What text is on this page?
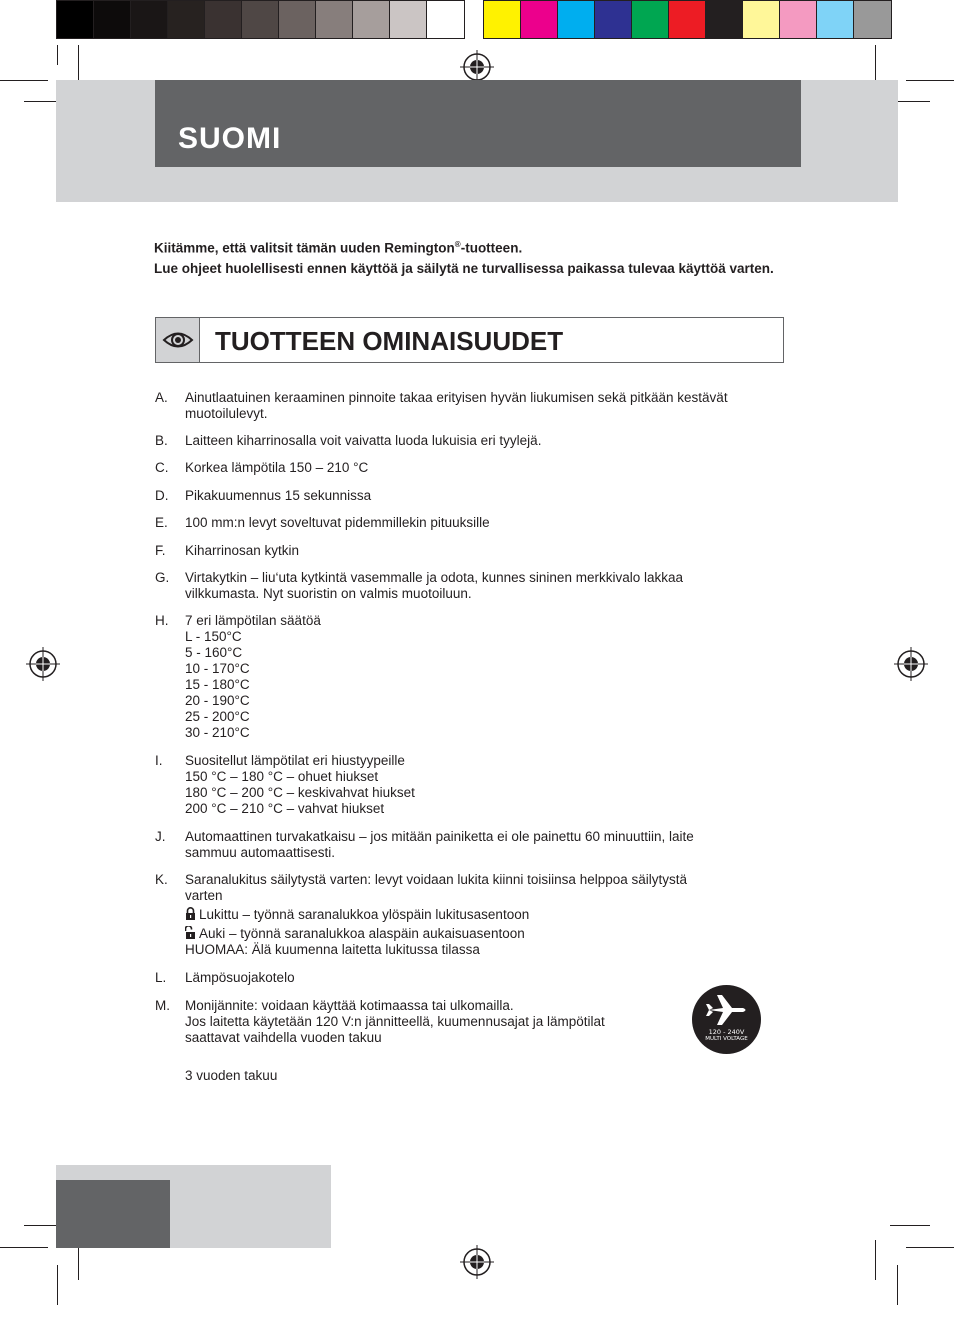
SUOMI
Kiitämme, että valitsit tämän uuden Remington®-tuotteen.
Lue ohjeet huolellisesti ennen käyttöä ja säilytä ne turvallisessa paikassa tulevaa käyttöä varten.
TUOTTEEN OMINAISUUDET
A. Ainutlaatuinen keraaminen pinnoite takaa erityisen hyvän liukumisen sekä pitkään kestävät
muotoilulevyt.
B. Laitteen kiharrinosalla voit vaivatta luoda lukuisia eri tyylejä.
C. Korkea lämpötila 150 – 210 °C
D. Pikakuumennus 15 sekunnissa
E. 100 mm:n levyt soveltuvat pidemmillekin pituuksille
F. Kiharrinosan kytkin
G. Virtakytkin – liu‘uta kytkintä vasemmalle ja odota, kunnes sininen merkkivalo lakkaa
vilkkumasta. Nyt suoristin on valmis muotoiluun.
H. 7 eri lämpötilan säätöä
L - 150°C
5 - 160°C
10 - 170°C
15 - 180°C
20 - 190°C
25 - 200°C
30 - 210°C
I. Suositellut lämpötilat eri hiustyypeille
150 °C – 180 °C – ohuet hiukset
180 °C – 200 °C – keskivahvat hiukset
200 °C – 210 °C – vahvat hiukset
J. Automaattinen turvakatkaisu – jos mitään painiketta ei ole painettu 60 minuuttiin, laite
sammuu automaattisesti.
K. Saranalukitus säilytystä varten: levyt voidaan lukita kiinni toisiinsa helppoa säilytystä
varten
Lukittu – työnnä saranalukkoa ylöspäin lukitusasentoon
Auki – työnnä saranalukkoa alaspäin aukaisuasentoon
HUOMAA: Älä kuumenna laitetta lukitussa tilassa
L. Lämpösuojakotelo
M. Monijännite: voidaan käyttää kotimaassa tai ulkomailla.
Jos laitetta käytetään 120 V:n jännitteellä, kuumennusajat ja lämpötilat
saattavat vaihdella vuoden takuu
3 vuoden takuu
120 - 240V
MULTI VOLTAGE
